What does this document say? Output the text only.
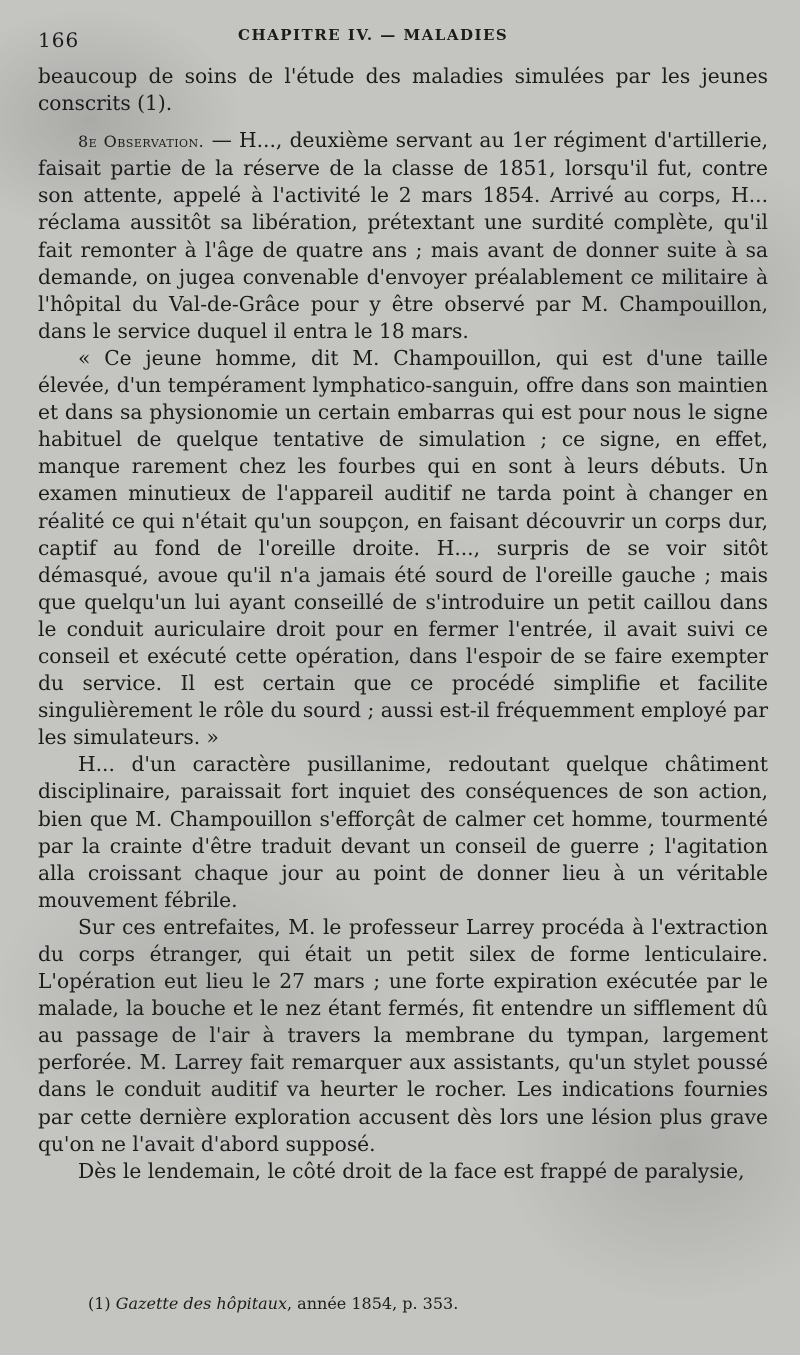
166	CHAPITRE IV. — MALADIES

beaucoup de soins de l'étude des maladies simulées par les jeunes conscrits (1).

8e Observation. — H..., deuxième servant au 1er régiment d'artillerie, faisait partie de la réserve de la classe de 1851, lorsqu'il fut, contre son attente, appelé à l'activité le 2 mars 1854. Arrivé au corps, H... réclama aussitôt sa libération, prétextant une surdité complète, qu'il fait remonter à l'âge de quatre ans ; mais avant de donner suite à sa demande, on jugea convenable d'envoyer préalablement ce militaire à l'hôpital du Val-de-Grâce pour y être observé par M. Champouillon, dans le service duquel il entra le 18 mars.

« Ce jeune homme, dit M. Champouillon, qui est d'une taille élevée, d'un tempérament lymphatico-sanguin, offre dans son maintien et dans sa physionomie un certain embarras qui est pour nous le signe habituel de quelque tentative de simulation ; ce signe, en effet, manque rarement chez les fourbes qui en sont à leurs débuts. Un examen minutieux de l'appareil auditif ne tarda point à changer en réalité ce qui n'était qu'un soupçon, en faisant découvrir un corps dur, captif au fond de l'oreille droite. H..., surpris de se voir sitôt démasqué, avoue qu'il n'a jamais été sourd de l'oreille gauche ; mais que quelqu'un lui ayant conseillé de s'introduire un petit caillou dans le conduit auriculaire droit pour en fermer l'entrée, il avait suivi ce conseil et exécuté cette opération, dans l'espoir de se faire exempter du service. Il est certain que ce procédé simplifie et facilite singulièrement le rôle du sourd ; aussi est-il fréquemment employé par les simulateurs. »

H... d'un caractère pusillanime, redoutant quelque châtiment disciplinaire, paraissait fort inquiet des conséquences de son action, bien que M. Champouillon s'efforçât de calmer cet homme, tourmenté par la crainte d'être traduit devant un conseil de guerre ; l'agitation alla croissant chaque jour au point de donner lieu à un véritable mouvement fébrile.

Sur ces entrefaites, M. le professeur Larrey procéda à l'extraction du corps étranger, qui était un petit silex de forme lenticulaire. L'opération eut lieu le 27 mars ; une forte expiration exécutée par le malade, la bouche et le nez étant fermés, fit entendre un sifflement dû au passage de l'air à travers la membrane du tympan, largement perforée. M. Larrey fait remarquer aux assistants, qu'un stylet poussé dans le conduit auditif va heurter le rocher. Les indications fournies par cette dernière exploration accusent dès lors une lésion plus grave qu'on ne l'avait d'abord supposé.

Dès le lendemain, le côté droit de la face est frappé de paralysie,

(1) Gazette des hôpitaux, année 1854, p. 353.
